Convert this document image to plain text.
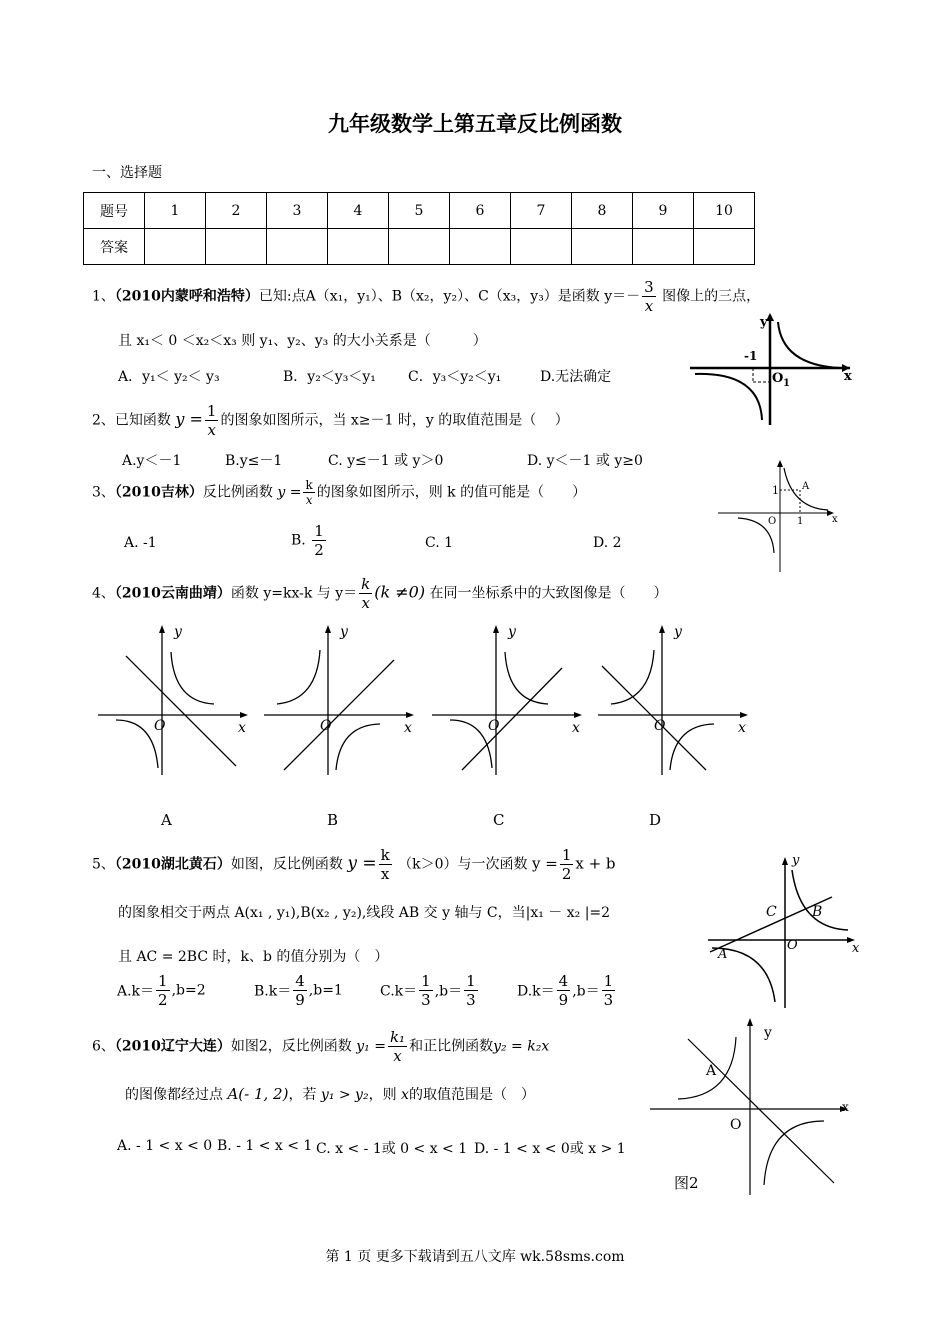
九年级数学上第五章反比例函数
一、选择题
题号	1	2	3	4	5	6	7	8	9	10
答案										
1、（2010内蒙呼和浩特）已知:点A（x₁，y₁）、B（x₂，y₂）、C（x₃，y₃）是函数 $y=- \frac{3}{x}$ 图像上的三点，
且 x₁＜ 0 ＜x₂＜x₃ 则 y₁、y₂、y₃ 的大小关系是（　　　）
A．y₁＜ y₂＜ y₃	B．y₂＜y₃＜y₁ C．y₃＜y₂＜y₁	D.无法确定
y
x
-1
O 1
2、已知函数 $y = \frac{1}{x}$ 的图象如图所示，当 x≥－1 时，y 的取值范围是（　 ）
A.y＜－1	B.y≤－1	C. y≤－1 或 y＞0	D. y＜－1 或 y≥0
3、（2010吉林）反比例函数 $y = \frac{k}{x}$ 的图象如图所示，则 k 的值可能是（　　）
A. -1	B. $\frac{1}{2}$	C. 1	D. 2
1 A
O 1	x
4、（2010云南曲靖）函数 y=kx-k 与 $y= \frac{k}{x} (k \ne 0)$ 在同一坐标系中的大致图像是（　　）
y
x
O
y
x
O
y
x
O
y
x
O
A	B	C	D
5、（2010湖北黄石）如图，反比例函数 $y = \frac{k}{x} (k>0)$与一次函数 $y = \frac{1}{2}$ x + b
的图象相交于两点 A(x₁ , y₁),B(x₂ , y₂),线段 AB 交 y 轴与 C，当|x₁ － x₂ |=2
且 AC = 2BC 时，k、b 的值分别为（　）
$A.k= \frac{1}{2} ,b=2$	$B.k= \frac{4}{9} ,b=1$	$C.k= \frac{1}{3} ,b= \frac{1}{3}$	$D.k= \frac{4}{9} ,b= \frac{1}{3}$
y
C	B
O
A	x
6、（2010辽宁大连）如图2，反比例函数 $y_1 = \frac{\text{k₁}}{x}$ 和正比例函数y₂ = k₂x
的图像都经过点 A(- 1, 2)，若 y₁ > y₂，则 x的取值范围是（　）
A. - 1 < x < 0 B. - 1 < x < 1 C. x < - 1或 0 < x < 1 D. - 1 < x < 0或 x > 1
y
A
x
O
图2
第 1 页 更多下载请到五八文库 wk.58sms.com
